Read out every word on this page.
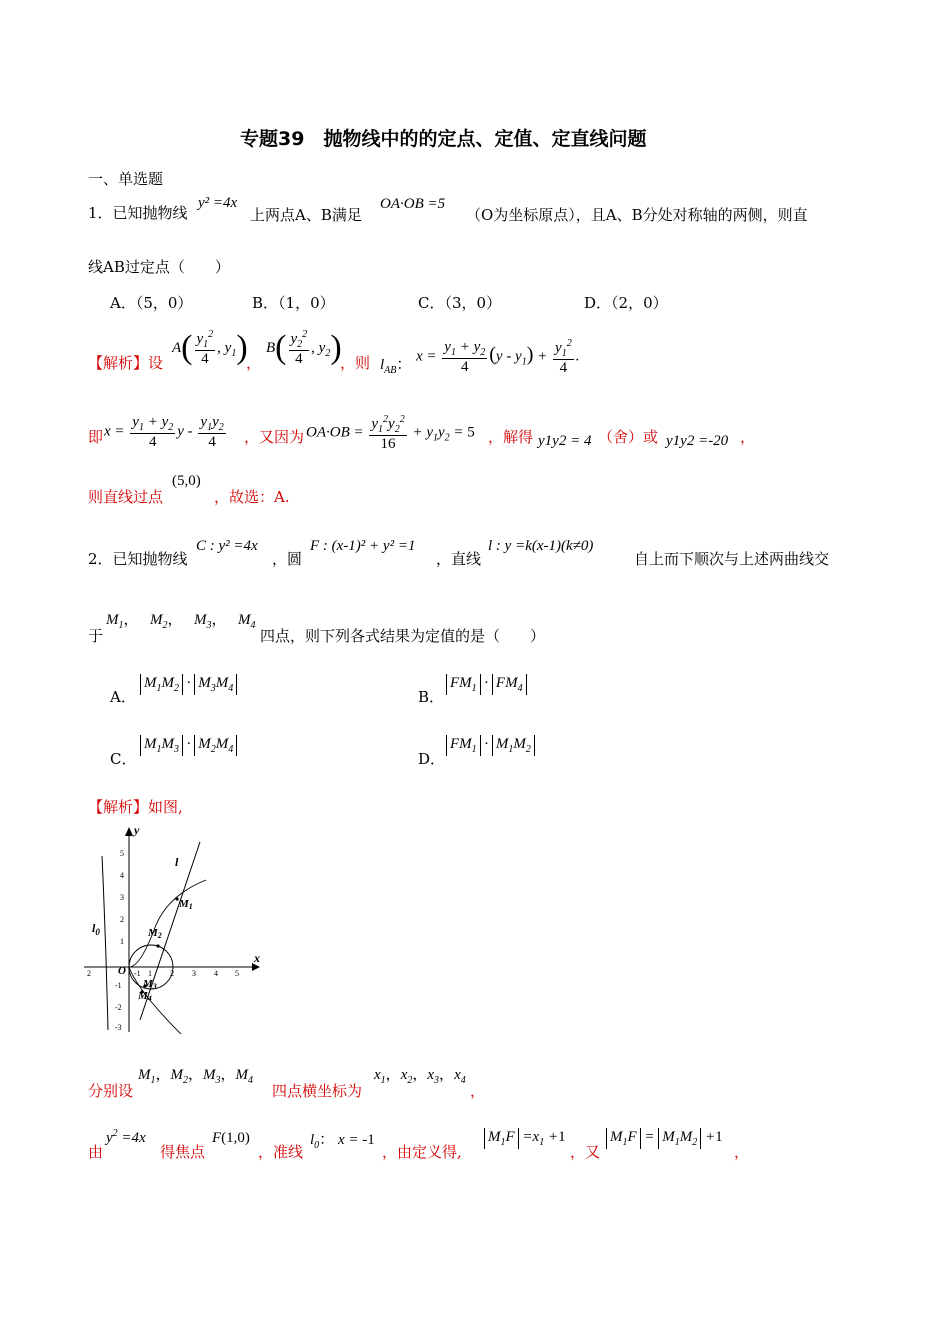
专题39　抛物线中的的定点、定值、定直线问题
一、单选题
1．已知抛物线
y² =4x
上两点A、B满足
OA·OB =5
（O为坐标原点），且A、B分处对称轴的两侧，则直
线AB过定点（　　）
A．（5，0）	B．（1，0）	C．（3，0）	D．（2，0）
【解析】设
$A( \frac{y_1^2}{4}$ , $y_1$)
，
$B( \frac{y_2^2}{4}$ , $y_2$)
，则 $l_{AB}$：
$x = \frac{y_1 + y_2}{4} (y - y_1) + \frac{y_1^2}{4}$ .
即 $x = \frac{y_1 + y_2}{4}$ y - $\frac{y_1y_2}{4}$ ，又因为 $OA\cdot OB = \frac{y_1^2y_2^2}{16} + y_1y_2 = 5$ ，解得 y1y2 = 4 （舍）或 y1y2 =-20 ，
则直线过点
(5,0)
，故选：A.
2．已知抛物线
C : y² =4x
，圆
F : (x-1)² + y² =1
，直线
l : y =k(x-1)(k≠0)
自上而下顺次与上述两曲线交
于
$M_1$， $M_2$， $M_3$， $M_4$
四点，则下列各式结果为定值的是（　　）
A．
$M_1M_2 \cdot M_3M_4$	B．
$FM_1 \cdot FM_4$
C．
$M_1M_3 \cdot M_2M_4$
D．
$FM_1 \cdot M_1M_2$
【解析】如图,
x
y
$l_0$
l
M1
M2
M3
M4
O
2	-1 1 2 3 4 5
5
4
3
2
1
-1
-2
-3
分别设
$M_1$，$M_2$，$M_3$，$M_4$
四点横坐标为
$x_1$，$x_2$，$x_3$，$x_4$
，
由
$y^2 =4x$
得焦点
F(1,0)
，准线
$l_0$： x = -1
，由定义得,
$M_1F =x_1 +1$
，又
$M_1F = M_1M_2 +1$
，
